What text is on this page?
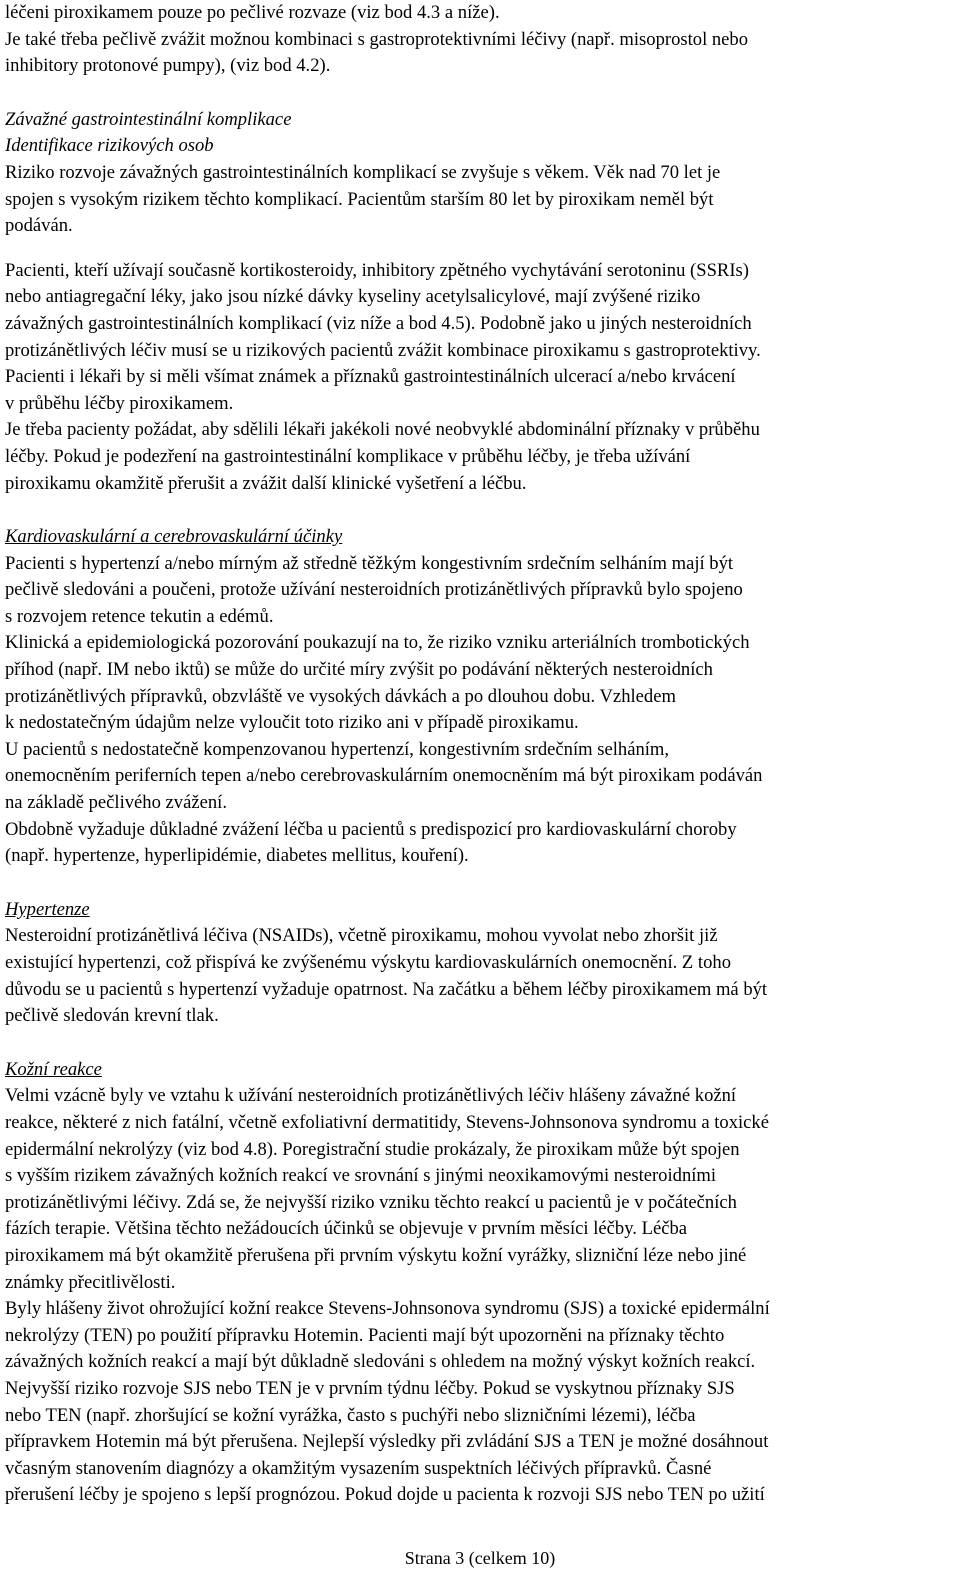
léčeni piroxikamem pouze po pečlivé rozvaze (viz bod 4.3 a níže).
Je také třeba pečlivě zvážit možnou kombinaci s gastroprotektivními léčivy (např. misoprostol nebo
inhibitory protonové pumpy), (viz bod 4.2).
Závažné gastrointestinální komplikace
Identifikace rizikových osob
Riziko rozvoje závažných gastrointestinálních komplikací se zvyšuje s věkem. Věk nad 70 let je
spojen s vysokým rizikem těchto komplikací. Pacientům starším 80 let by piroxikam neměl být
podáván.
Pacienti, kteří užívají současně kortikosteroidy, inhibitory zpětného vychytávání serotoninu (SSRIs)
nebo antiagregační léky, jako jsou nízké dávky kyseliny acetylsalicylové, mají zvýšené riziko
závažných gastrointestinálních komplikací (viz níže a bod 4.5). Podobně jako u jiných nesteroidních
protizánětlivých léčiv musí se u rizikových pacientů zvážit kombinace piroxikamu s gastroprotektivy.
Pacienti i lékaři by si měli všímat známek a příznaků gastrointestinálních ulcerací a/nebo krvácení
v průběhu léčby piroxikamem.
Je třeba pacienty požádat, aby sdělili lékaři jakékoli nové neobvyklé abdominální příznaky v průběhu
léčby. Pokud je podezření na gastrointestinální komplikace v průběhu léčby, je třeba užívání
piroxikamu okamžitě přerušit a zvážit další klinické vyšetření a léčbu.
Kardiovaskulární a cerebrovaskulární účinky
Pacienti s hypertenzí a/nebo mírným až středně těžkým kongestivním srdečním selháním mají být
pečlivě sledováni a poučeni, protože užívání nesteroidních protizánětlivých přípravků bylo spojeno
s rozvojem retence tekutin a edémů.
Klinická a epidemiologická pozorování poukazují na to, že riziko vzniku arteriálních trombotických
příhod (např. IM nebo iktů) se může do určité míry zvýšit po podávání některých nesteroidních
protizánětlivých přípravků, obzvláště ve vysokých dávkách a po dlouhou dobu. Vzhledem
k nedostatečným údajům nelze vyloučit toto riziko ani v případě piroxikamu.
U pacientů s nedostatečně kompenzovanou hypertenzí, kongestivním srdečním selháním,
onemocněním periferních tepen a/nebo cerebrovaskulárním onemocněním má být piroxikam podáván
na základě pečlivého zvážení.
Obdobně vyžaduje důkladné zvážení léčba u pacientů s predispozicí pro kardiovaskulární choroby
(např. hypertenze, hyperlipidémie, diabetes mellitus, kouření).
Hypertenze
Nesteroidní protizánětlivá léčiva (NSAIDs), včetně piroxikamu, mohou vyvolat nebo zhoršit již
existující hypertenzi, což přispívá ke zvýšenému výskytu kardiovaskulárních onemocnění. Z toho
důvodu se u pacientů s hypertenzí vyžaduje opatrnost. Na začátku a během léčby piroxikamem má být
pečlivě sledován krevní tlak.
Kožní reakce
Velmi vzácně byly ve vztahu k užívání nesteroidních protizánětlivých léčiv hlášeny závažné kožní
reakce, některé z nich fatální, včetně exfoliativní dermatitidy, Stevens-Johnsonova syndromu a toxické
epidermální nekrolýzy (viz bod 4.8). Poregistrační studie prokázaly, že piroxikam může být spojen
s vyšším rizikem závažných kožních reakcí ve srovnání s jinými neoxikamovými nesteroidními
protizánětlivými léčivy. Zdá se, že nejvyšší riziko vzniku těchto reakcí u pacientů je v počátečních
fázích terapie. Většina těchto nežádoucích účinků se objevuje v prvním měsíci léčby. Léčba
piroxikamem má být okamžitě přerušena při prvním výskytu kožní vyrážky, slizniční léze nebo jiné
známky přecitlivělosti.
Byly hlášeny život ohrožující kožní reakce Stevens-Johnsonova syndromu (SJS) a toxické epidermální
nekrolýzy (TEN) po použití přípravku Hotemin. Pacienti mají být upozorněni na příznaky těchto
závažných kožních reakcí a mají být důkladně sledováni s ohledem na možný výskyt kožních reakcí.
Nejvyšší riziko rozvoje SJS nebo TEN je v prvním týdnu léčby. Pokud se vyskytnou příznaky SJS
nebo TEN (např. zhoršující se kožní vyrážka, často s puchýři nebo slizničními lézemi), léčba
přípravkem Hotemin má být přerušena. Nejlepší výsledky při zvládání SJS a TEN je možné dosáhnout
včasným stanovením diagnózy a okamžitým vysazením suspektních léčivých přípravků. Časné
přerušení léčby je spojeno s lepší prognózou. Pokud dojde u pacienta k rozvoji SJS nebo TEN po užití
Strana 3 (celkem 10)
